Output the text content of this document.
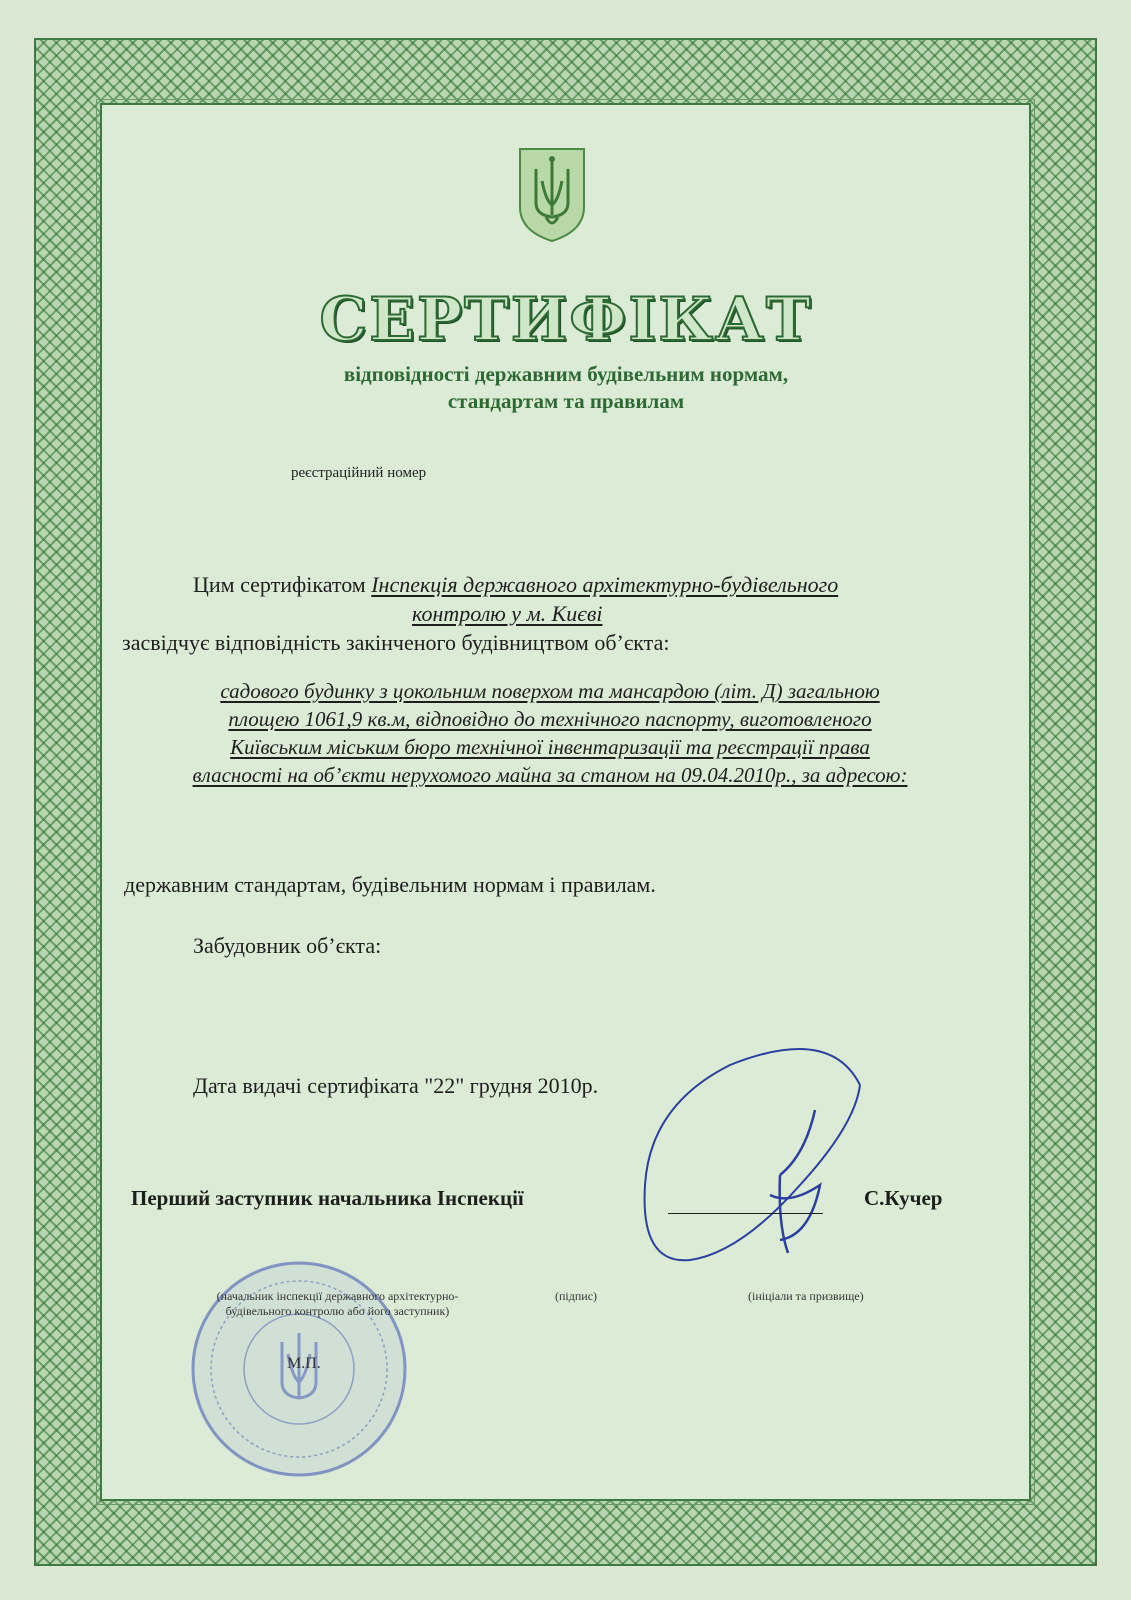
СЕРТИФІКАТ
відповідності державним будівельним нормам,
стандартам та правилам
реєстраційний номер
Цим сертифікатом Інспекція державного архітектурно-будівельного
контролю у м. Києві
засвідчує відповідність закінченого будівництвом об’єкта:
садового будинку з цокольним поверхом та мансардою (літ. Д) загальною
площею 1061,9 кв.м, відповідно до технічного паспорту, виготовленого
Київським міським бюро технічної інвентаризації та реєстрації права
власності на об’єкти нерухомого майна за станом на 09.04.2010р., за адресою:
державним стандартам, будівельним нормам і правилам.
Забудовник об’єкта:
Дата видачі сертифіката "22" грудня 2010р.
Перший заступник начальника Інспекції	С.Кучер
(начальник інспекції державного архітектурно-будівельного контролю або його заступник)
(підпис)	(ініціали та призвище)
М.П.
